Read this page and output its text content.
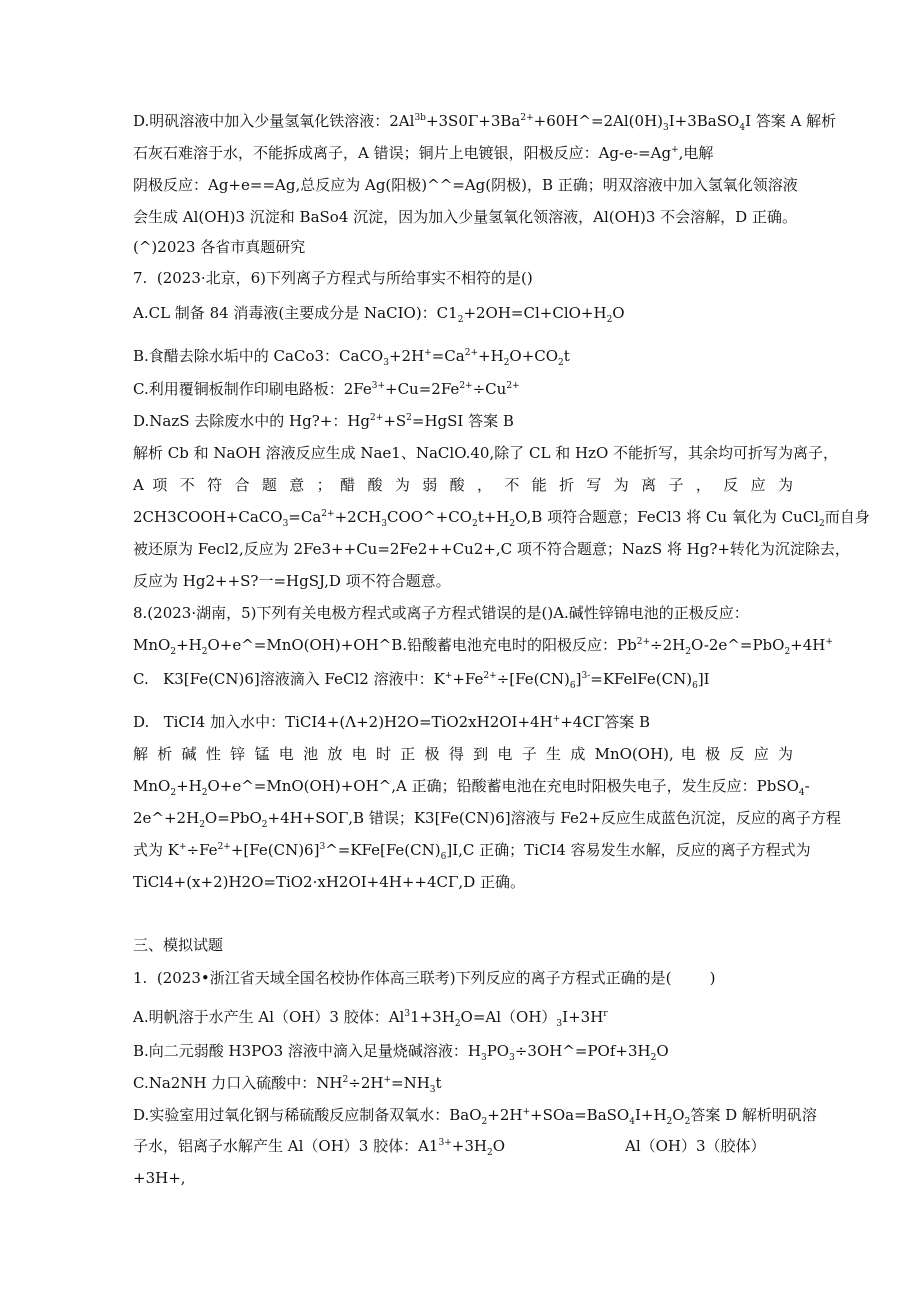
D.明矾溶液中加入少量氢氧化铁溶液：$2Al^{3b}+3S0\Gamma+3Ba^{2+}+60H\^{}=2Al(0H)_3I+3BaSO_4I$ 答案 A 解析
石灰石难溶于水，不能拆成离子，A 错误；铜片上电镀银，阳极反应：Ag-e-=Ag+,电解
阴极反应：Ag+e==Ag,总反应为 Ag(阳极)^^=Ag(阴极)，B 正确；明双溶液中加入氢氧化领溶液
会生成 Al(OH)3 沉淀和 BaSo4 沉淀，因为加入少量氢氧化领溶液，Al(OH)3 不会溶解，D 正确。
(^)2023 各省市真题研究
7.  (2023·北京，6)下列离子方程式与所给事实不相符的是()
A.CL 制备 84 消毒液(主要成分是 NaCIO)：$C1_2+2OH=Cl+ClO+H_2O$
B.食醋去除水垢中的 CaCo3：$CaCO_3+2H^+=Ca^{2+}+H_2O+CO_2t$
C.利用覆铜板制作印刷电路板：$2Fe^{3+}+Cu=2Fe^{2+}\div Cu^{2+}$
D.NazS 去除废水中的 Hg?+：$Hg^{2+}+S^2=HgSI$ 答案 B
解析 Cb 和 NaOH 溶液反应生成 Nae1、NaClO.40,除了 CL 和 HzO 不能折写，其余均可折写为离子，
A 项 不 符 合 题 意 ； 醋 酸 为 弱 酸 ， 不 能 折 写 为 离 子 ， 反 应 为
$2CH3COOH+CaCO_3=Ca^{2+}+2CH_3COO\^{}+CO_2t+H_2O,B$ 项符合题意；FeCl3 将 Cu 氧化为 CuCl$_2$而自身
被还原为 Fecl2,反应为 2Fe3++Cu=2Fe2++Cu2+,C 项不符合题意；NazS 将 Hg?+转化为沉淀除去，
反应为 Hg2++S?一=HgSJ,D 项不符合题意。
8.(2023·湖南，5)下列有关电极方程式或离子方程式错误的是()A.碱性锌锦电池的正极反应：
$MnO_2+H_2O+e\^{}=MnO(OH)+OH\^{}B$.铅酸蓄电池充电时的阳极反应：$Pb^{2+}\div 2H_2O-2e\^{}=PbO_2+4H^+$
C.   K3[Fe(CN)6]溶液滴入 FeCl2 溶液中：$K^++Fe^{2+}\div[Fe(CN)_6]^{3-}=KFelFe(CN)_6]I$
D.   TiCI4 加入水中：TiCI4+(Λ+2)H2O=TiO2xH2OI+4H++4CΓ答案 B
解 析 碱 性 锌 锰 电 池 放 电 时 正 极 得 到 电 子 生 成 MnO(OH), 电 极 反 应 为
$MnO_2+H_2O+e\^{}=MnO(OH)+OH\^{},A$ 正确；铅酸蓄电池在充电时阳极失电子，发生反应：PbSO$_4$-
$2e\^{}+2H_2O=PbO_2+4H+SO\Gamma,B$ 错误；K3[Fe(CN)6]溶液与 Fe2+反应生成蓝色沉淀，反应的离子方程
式为 $K^+\div Fe^{2+}+[Fe(CN)6]^3\^{}=KFe[Fe(CN)_6]I,C$ 正确；TiCI4 容易发生水解，反应的离子方程式为
TiCl4+(x+2)H2O=TiO2·xH2OI+4H++4CΓ,D 正确。
三、模拟试题
1.  (2023•浙江省天域全国名校协作体高三联考)下列反应的离子方程式正确的是(        )
A.明帆溶于水产生 Al（OH）3 胶体：$Al^31+3H_2O=Al(OH)_3I+3H^r$
B.向二元弱酸 H3PO3 溶液中滴入足量烧碱溶液：$H_3PO_3\div 3OH\^{}=POf+3H_2O$
C.Na2NH 力口入硫酸中：$NH^2\div 2H^+=NH_3t$
D.实验室用过氧化钢与稀硫酸反应制备双氧水：$BaO_2+2H^++SOa=BaSO_4I+H_2O_2$答案 D 解析明矾溶
子水，铝离子水解产生 Al（OH）3 胶体：$A1^{3+}+3H_2O$	Al（OH）3（胶体）
+3H+,
